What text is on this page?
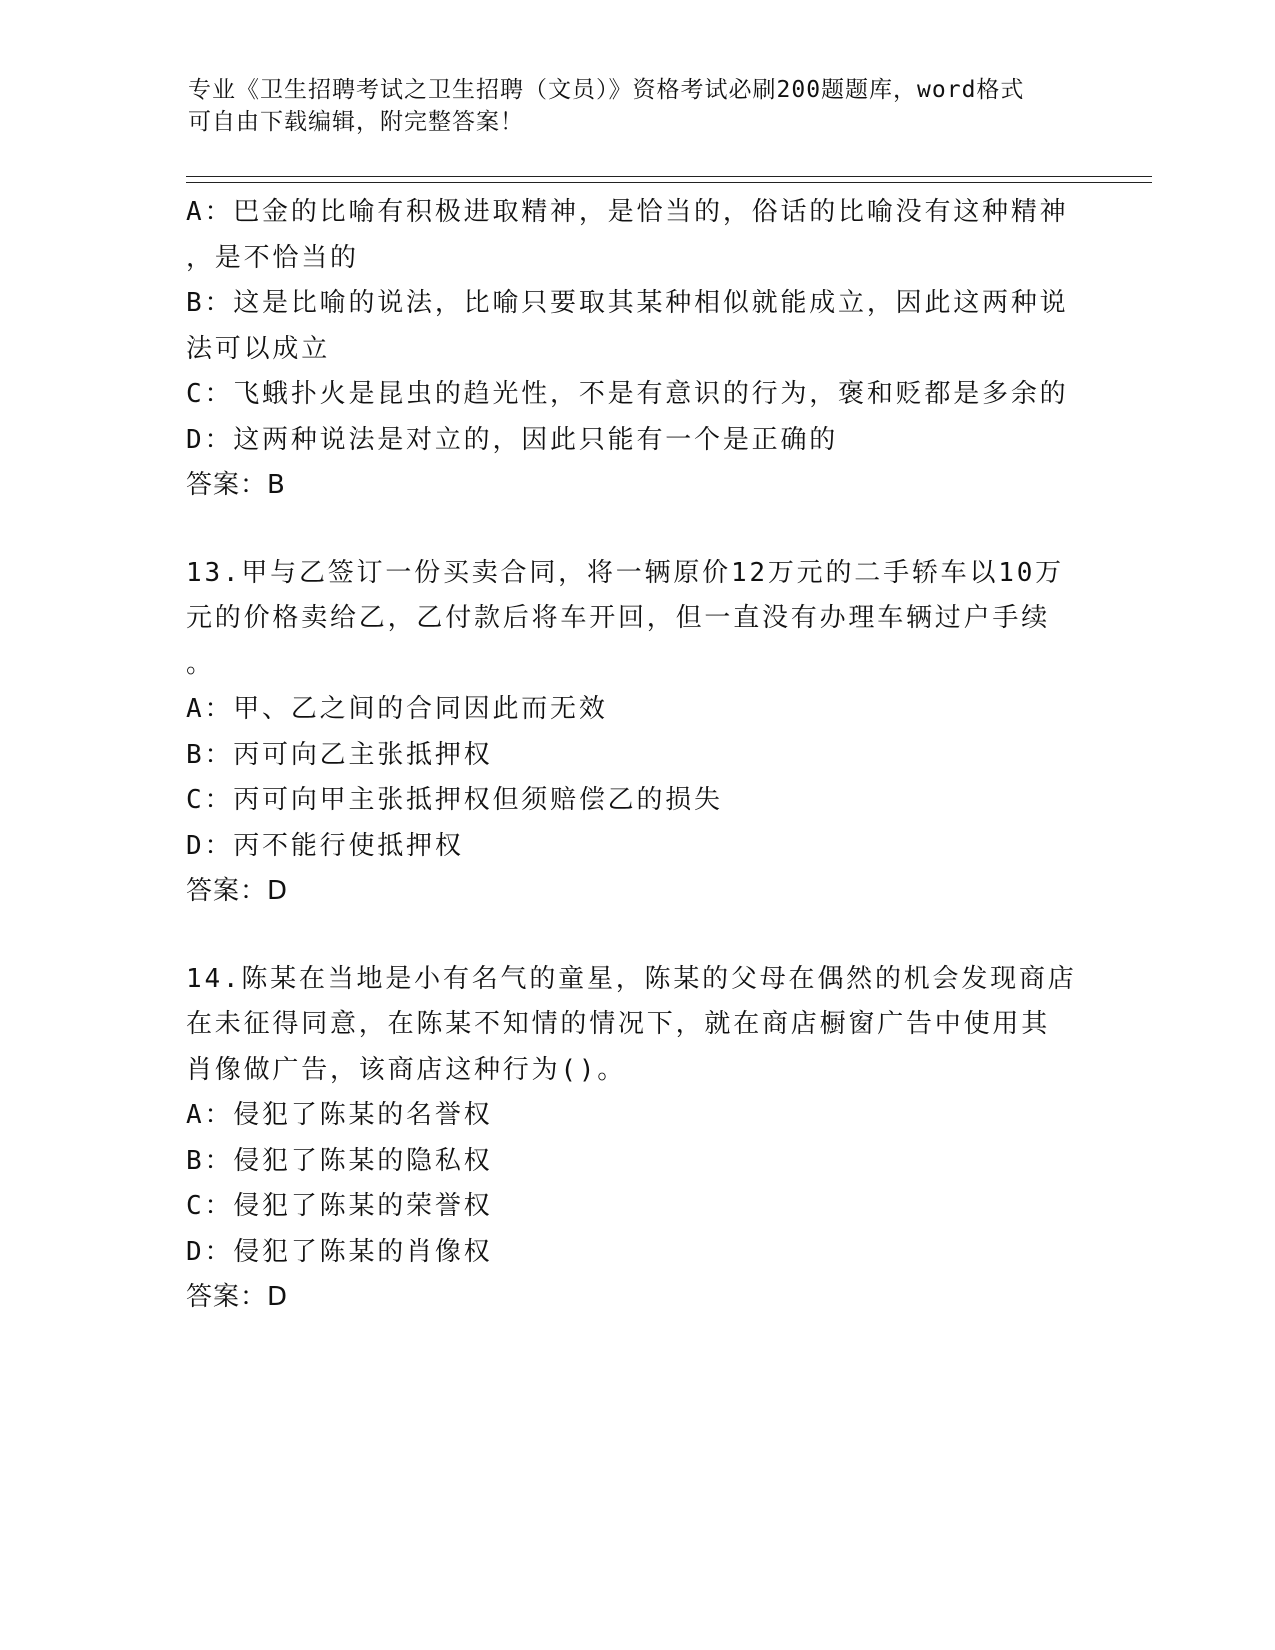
专业《卫生招聘考试之卫生招聘（文员）》资格考试必刷200题题库，word格式
可自由下载编辑，附完整答案！
A：巴金的比喻有积极进取精神，是恰当的，俗话的比喻没有这种精神
，是不恰当的
B：这是比喻的说法，比喻只要取其某种相似就能成立，因此这两种说
法可以成立
C：飞蛾扑火是昆虫的趋光性，不是有意识的行为，褒和贬都是多余的
D：这两种说法是对立的，因此只能有一个是正确的
答案：B
13.甲与乙签订一份买卖合同，将一辆原价12万元的二手轿车以10万
元的价格卖给乙，乙付款后将车开回，但一直没有办理车辆过户手续
。
A：甲、乙之间的合同因此而无效
B：丙可向乙主张抵押权
C：丙可向甲主张抵押权但须赔偿乙的损失
D：丙不能行使抵押权
答案：D
14.陈某在当地是小有名气的童星，陈某的父母在偶然的机会发现商店
在未征得同意，在陈某不知情的情况下，就在商店橱窗广告中使用其
肖像做广告，该商店这种行为()。
A：侵犯了陈某的名誉权
B：侵犯了陈某的隐私权
C：侵犯了陈某的荣誉权
D：侵犯了陈某的肖像权
答案：D
